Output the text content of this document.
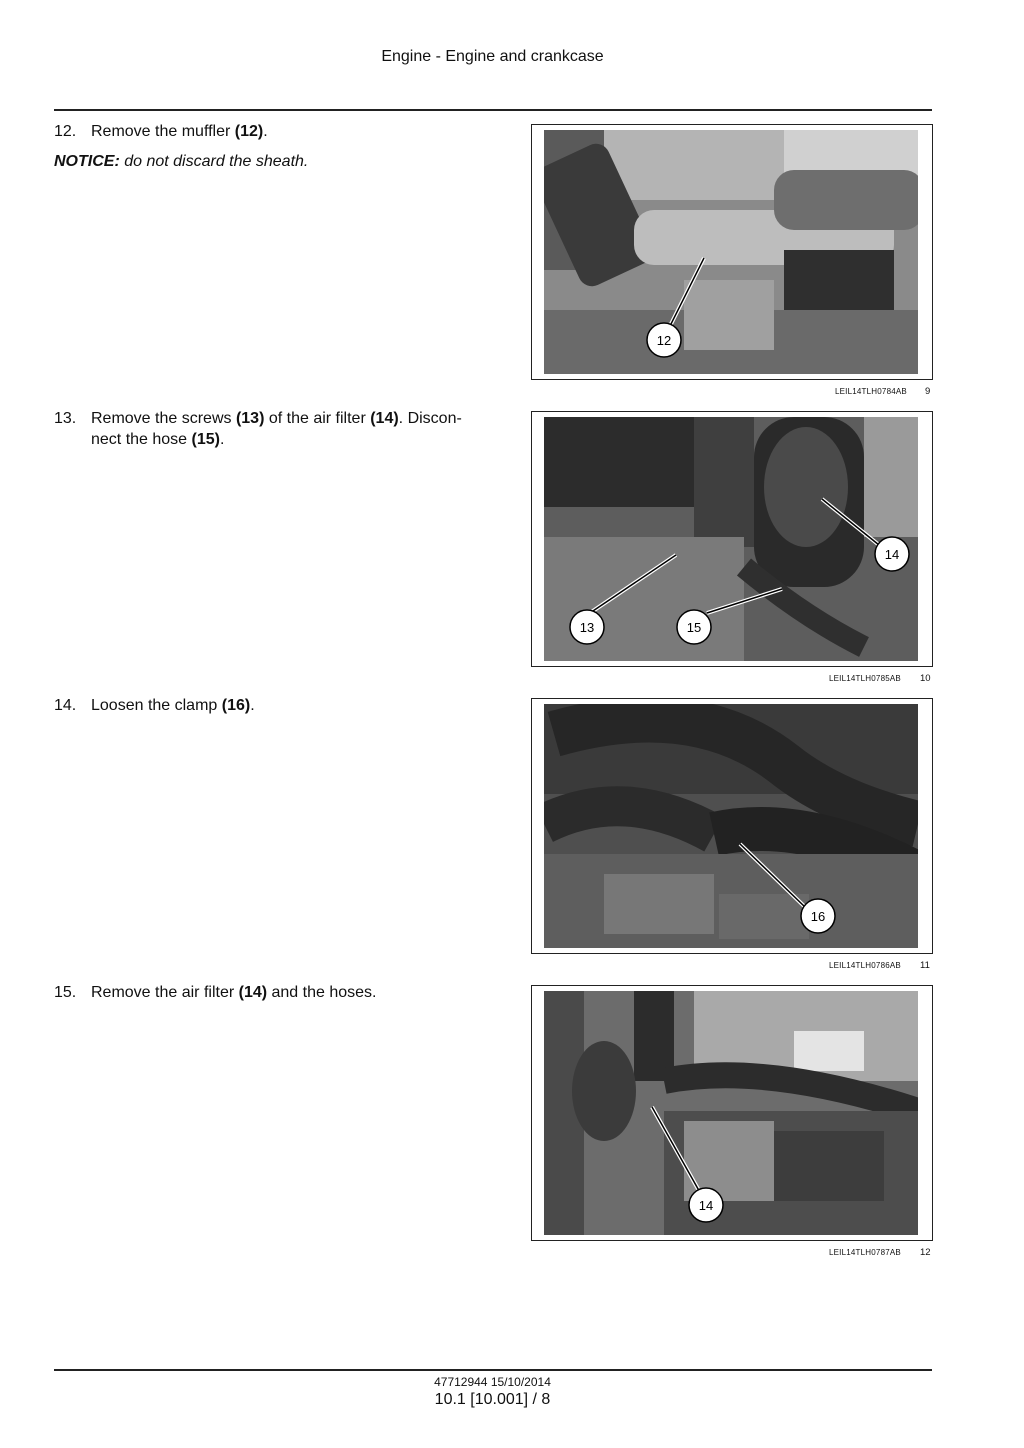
Engine - Engine and crankcase
12. Remove the muffler (12).
NOTICE: do not discard the sheath.
13. Remove the screws (13) of the air filter (14). Discon-
nect the hose (15).
14. Loosen the clamp (16).
15. Remove the air filter (14) and the hoses.
12
LEIL14TLH0784AB 9
14
13	15
LEIL14TLH0785AB 10
16
LEIL14TLH0786AB 11
14
LEIL14TLH0787AB 12
47712944 15/10/2014
10.1 [10.001] / 8
